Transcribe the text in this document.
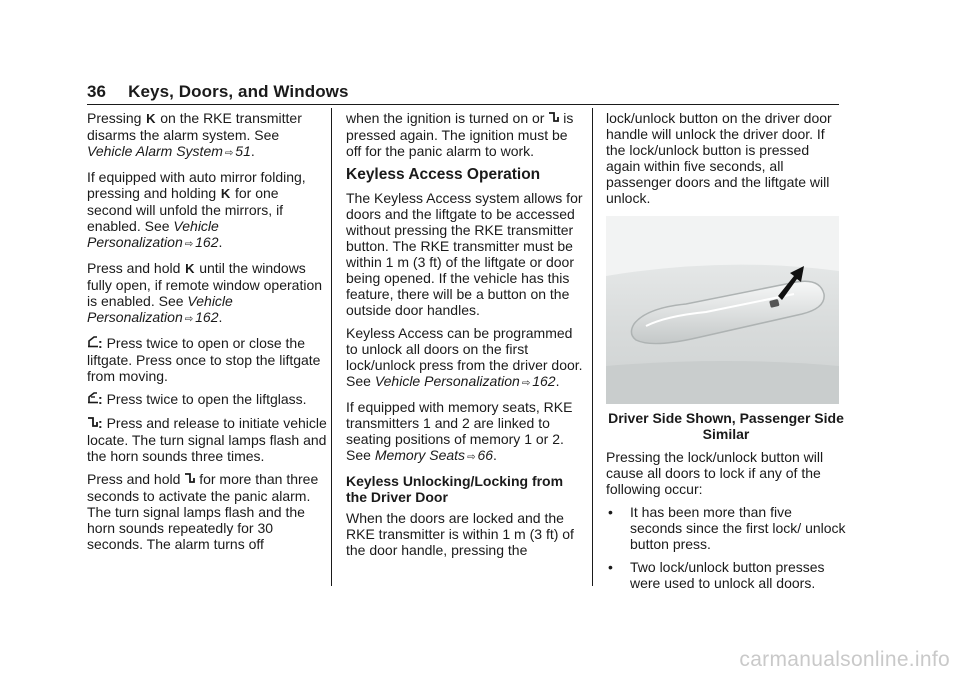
36 Keys, Doors, and Windows

Pressing K on the RKE transmitter disarms the alarm system. See
Vehicle Alarm System ⇨ 51.

If equipped with auto mirror folding, pressing and holding K for one second will unfold the mirrors, if enabled. See Vehicle Personalization ⇨ 162.

Press and hold K until the windows fully open, if remote window operation is enabled. See Vehicle Personalization ⇨ 162.

: Press twice to open or close the liftgate. Press once to stop the liftgate from moving.

: Press twice to open the liftglass.

: Press and release to initiate vehicle locate. The turn signal lamps flash and the horn sounds three times.

Press and hold for more than three seconds to activate the panic alarm. The turn signal lamps flash and the horn sounds repeatedly for 30 seconds. The alarm turns off

when the ignition is turned on or is pressed again. The ignition must be off for the panic alarm to work.

Keyless Access Operation

The Keyless Access system allows for doors and the liftgate to be accessed without pressing the RKE transmitter button. The RKE transmitter must be within 1 m (3 ft) of the liftgate or door being opened. If the vehicle has this feature, there will be a button on the outside door handles.

Keyless Access can be programmed to unlock all doors on the first lock/unlock press from the driver door. See Vehicle Personalization ⇨ 162.

If equipped with memory seats, RKE transmitters 1 and 2 are linked to seating positions of memory 1 or 2. See Memory Seats ⇨ 66.

Keyless Unlocking/Locking from the Driver Door

When the doors are locked and the RKE transmitter is within 1 m (3 ft) of the door handle, pressing the

lock/unlock button on the driver door handle will unlock the driver door. If the lock/unlock button is pressed again within five seconds, all passenger doors and the liftgate will unlock.

Driver Side Shown, Passenger Side Similar

Pressing the lock/unlock button will cause all doors to lock if any of the following occur:

•	It has been more than five seconds since the first lock/ unlock button press.
•	Two lock/unlock button presses were used to unlock all doors.
carmanualsonline.info
